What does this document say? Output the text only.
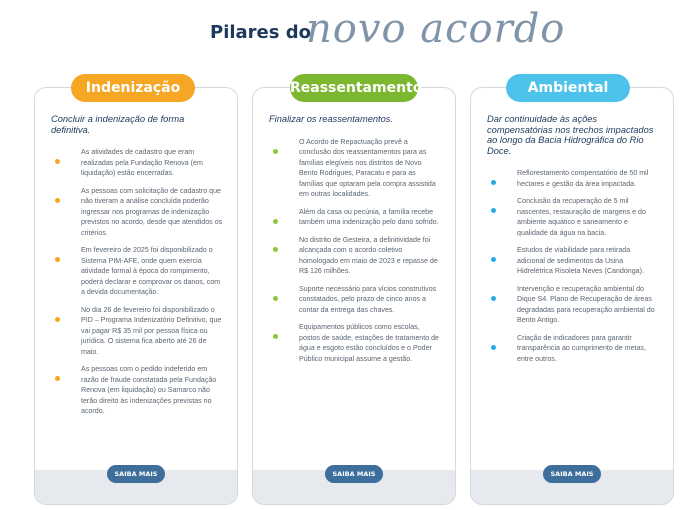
Pilares do
novo acordo
Indenização
Concluir a indenização de forma definitiva.
As atividades de cadastro que eram realizadas pela Fundação Renova (em liquidação) estão encerradas.
As pessoas com solicitação de cadastro que não tiveram a análise concluída poderão ingressar nos programas de indenização previstos no acordo, desde que atendidos os critérios.
Em fevereiro de 2025 foi disponibilizado o Sistema PIM-AFE, onde quem exercia atividade formal à época do rompimento, poderá declarar e comprovar os danos, com a devida documentação.
No dia 26 de fevereiro foi disponibilizado o PID – Programa Indenizatório Definitivo, que vai pagar R$ 35 mil por pessoa física ou jurídica. O sistema fica aberto até 26 de maio.
As pessoas com o pedido indeferido em razão de fraude constatada pela Fundação Renova (em liquidação) ou Samarco não terão direito às indenizações previstas no acordo.
SAIBA MAIS
Reassentamento
Finalizar os reassentamentos.
O Acordo de Repactuação prevê a conclusão dos reassentamentos para as famílias elegíveis nos distritos de Novo Bento Rodrigues, Paracatu e para as famílias que optaram pela compra assistida em outras localidades.
Além da casa ou pecúnia, a família recebe também uma indenização pelo dano sofrido.
No distrito de Gesteira, a definitividade foi alcançada com o acordo coletivo homologado em maio de 2023 e repasse de R$ 126 milhões.
Suporte necessário para vícios construtivos constatados, pelo prazo de cinco anos a contar da entrega das chaves.
Equipamentos públicos como escolas, postos de saúde, estações de tratamento de água e esgoto estão concluídos e o Poder Público municipal assume a gestão.
SAIBA MAIS
Ambiental
Dar continuidade às ações compensatórias nos trechos impactados ao longo da Bacia Hidrográfica do Rio Doce.
Reflorestamento compensatório de 50 mil hectares e gestão da área impactada.
Conclusão da recuperação de 5 mil nascentes, restauração de margens e do ambiente aquático e saneamento e qualidade da água na bacia.
Estudos de viabilidade para retirada adicional de sedimentos da Usina Hidrelétrica Risoleta Neves (Candonga).
Intervenção e recuperação ambiental do Dique S4. Plano de Recuperação de áreas degradadas para recuperação ambiental do Bento Antigo.
Criação de indicadores para garantir transparência ao cumprimento de metas, entre outros.
SAIBA MAIS
